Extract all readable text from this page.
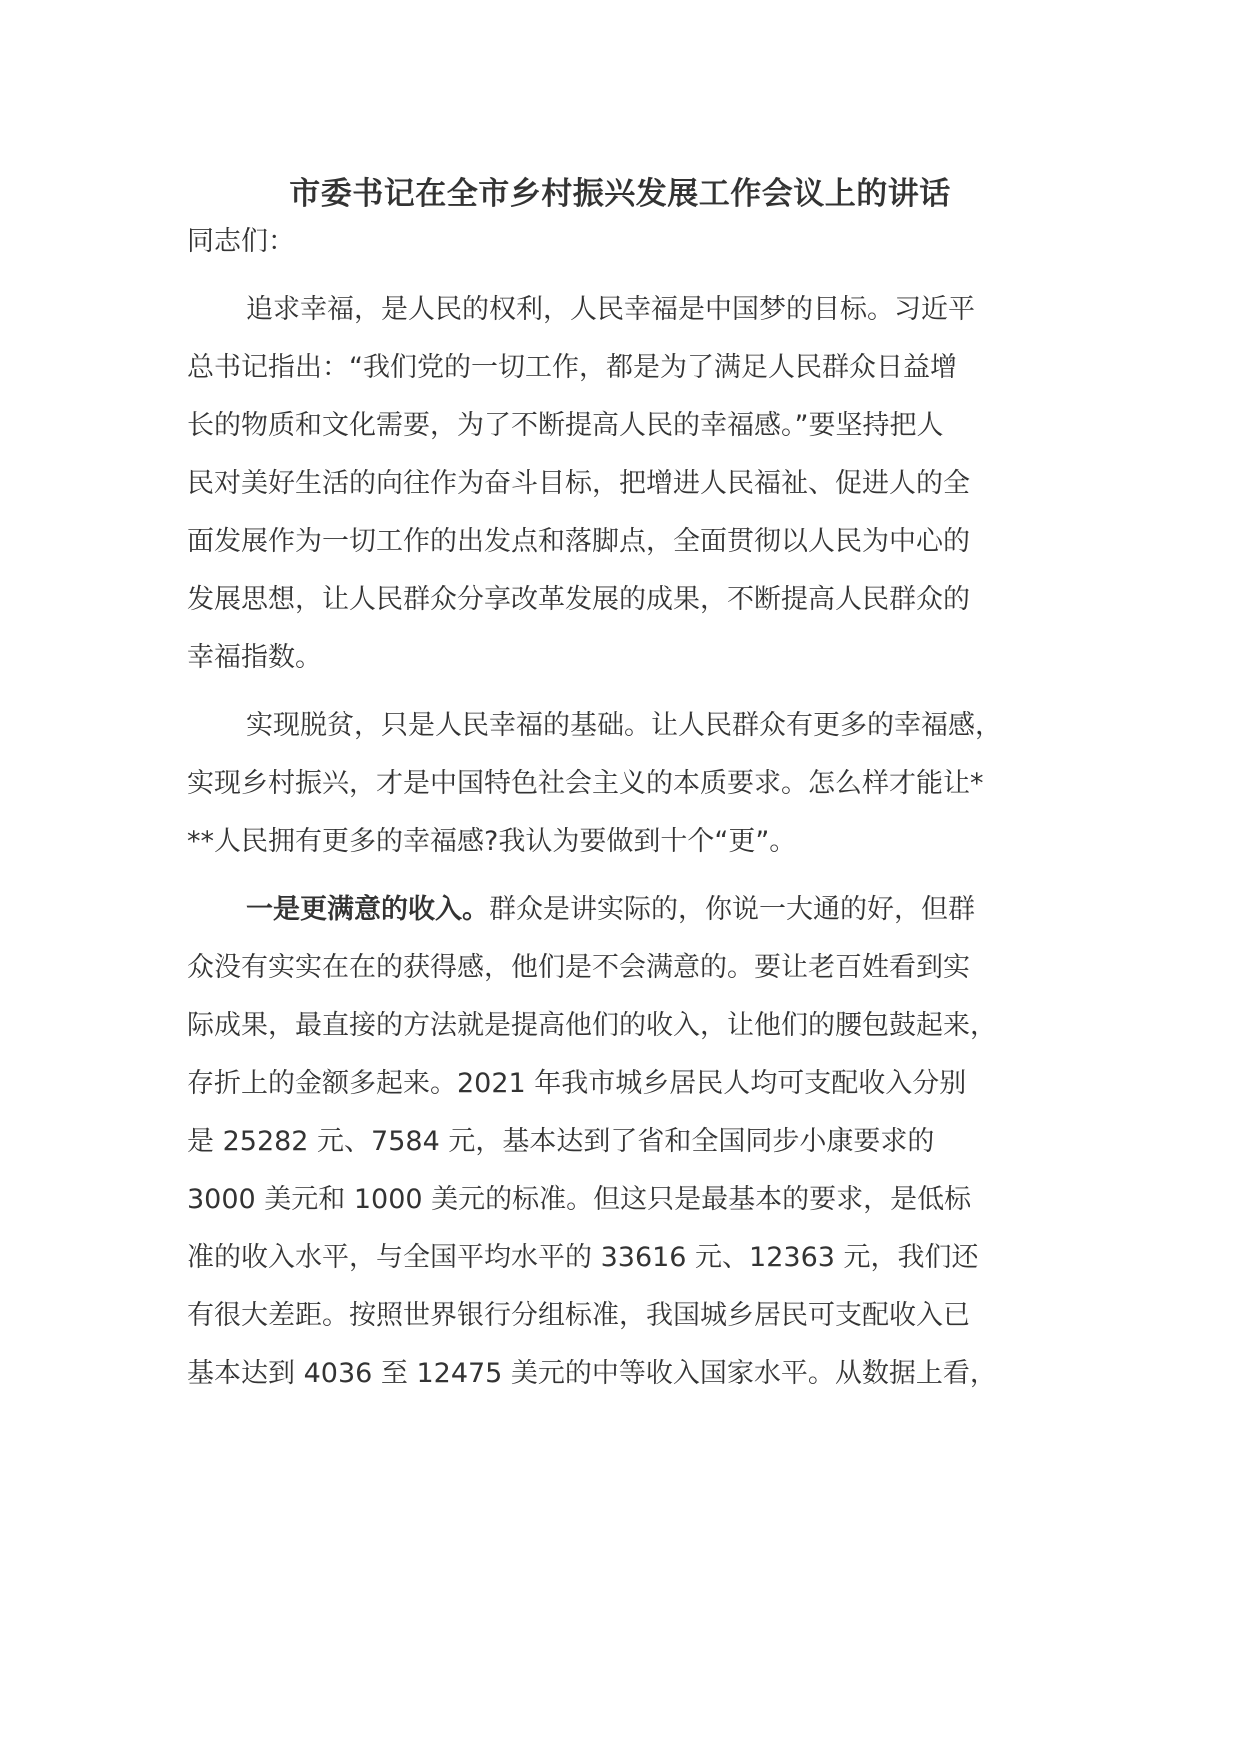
市委书记在全市乡村振兴发展工作会议上的讲话
同志们：
追求幸福，是人民的权利，人民幸福是中国梦的目标。习近平
总书记指出：“我们党的一切工作，都是为了满足人民群众日益增
长的物质和文化需要，为了不断提高人民的幸福感。”要坚持把人
民对美好生活的向往作为奋斗目标，把增进人民福祉、促进人的全
面发展作为一切工作的出发点和落脚点，全面贯彻以人民为中心的
发展思想，让人民群众分享改革发展的成果，不断提高人民群众的
幸福指数。
实现脱贫，只是人民幸福的基础。让人民群众有更多的幸福感，
实现乡村振兴，才是中国特色社会主义的本质要求。怎么样才能让*
**人民拥有更多的幸福感?我认为要做到十个“更”。
一是更满意的收入。群众是讲实际的，你说一大通的好，但群
众没有实实在在的获得感，他们是不会满意的。要让老百姓看到实
际成果，最直接的方法就是提高他们的收入，让他们的腰包鼓起来，
存折上的金额多起来。2021 年我市城乡居民人均可支配收入分别
是 25282 元、7584 元，基本达到了省和全国同步小康要求的
3000 美元和 1000 美元的标准。但这只是最基本的要求，是低标
准的收入水平，与全国平均水平的 33616 元、12363 元，我们还
有很大差距。按照世界银行分组标准，我国城乡居民可支配收入已
基本达到 4036 至 12475 美元的中等收入国家水平。从数据上看，
